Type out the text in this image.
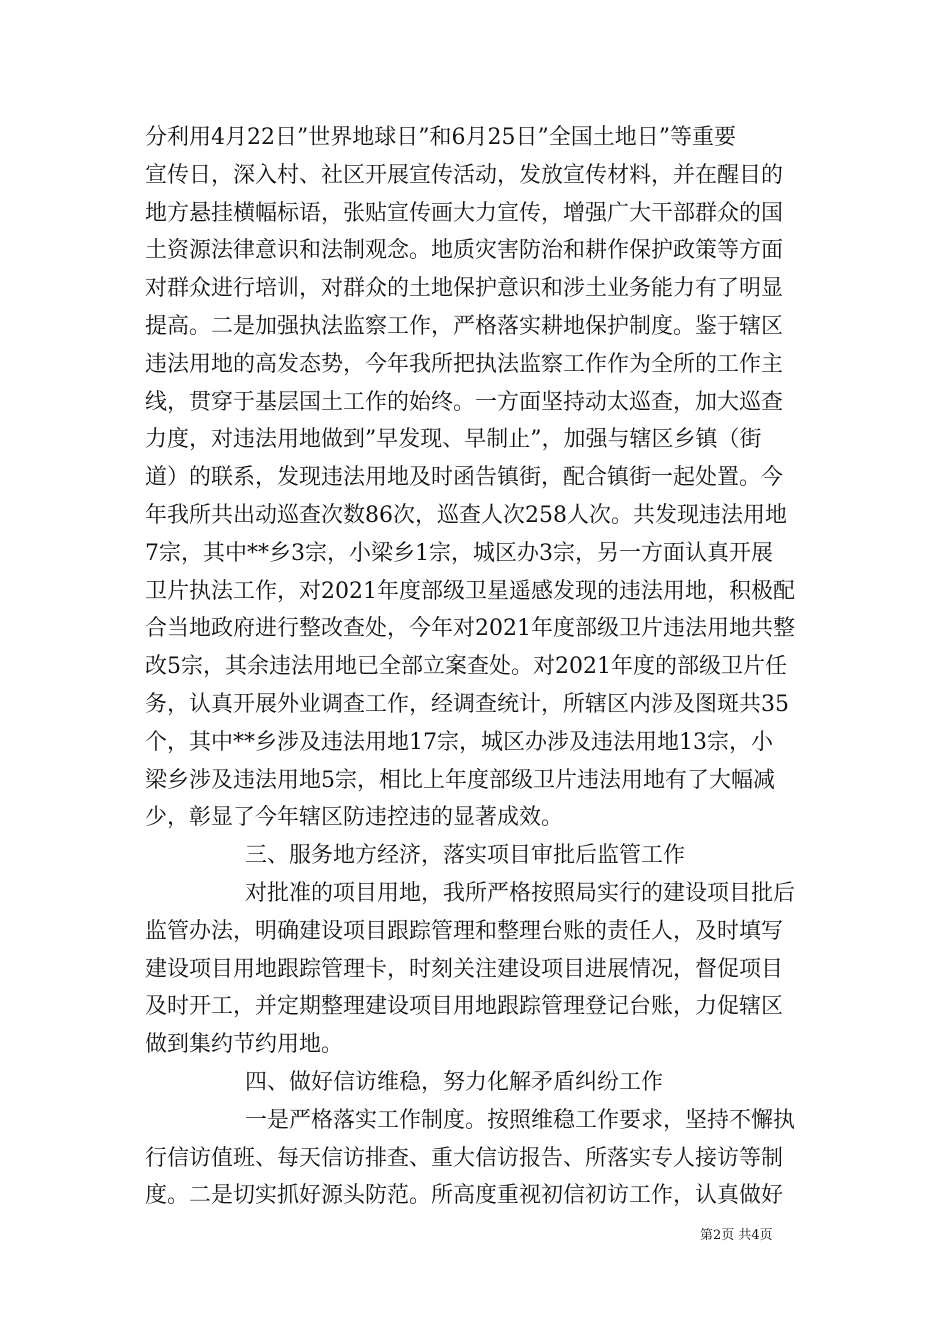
分利用4月22日”世界地球日”和6月25日”全国土地日”等重要
宣传日，深入村、社区开展宣传活动，发放宣传材料，并在醒目的
地方悬挂横幅标语，张贴宣传画大力宣传，增强广大干部群众的国
土资源法律意识和法制观念。地质灾害防治和耕作保护政策等方面
对群众进行培训，对群众的土地保护意识和涉土业务能力有了明显
提高。二是加强执法监察工作，严格落实耕地保护制度。鉴于辖区
违法用地的高发态势，今年我所把执法监察工作作为全所的工作主
线，贯穿于基层国土工作的始终。一方面坚持动太巡查，加大巡查
力度，对违法用地做到”早发现、早制止”，加强与辖区乡镇（街
道）的联系，发现违法用地及时函告镇街，配合镇街一起处置。今
年我所共出动巡查次数86次，巡查人次258人次。共发现违法用地
7宗，其中**乡3宗，小梁乡1宗，城区办3宗，另一方面认真开展
卫片执法工作，对2021年度部级卫星遥感发现的违法用地，积极配
合当地政府进行整改查处，今年对2021年度部级卫片违法用地共整
改5宗，其余违法用地已全部立案查处。对2021年度的部级卫片任
务，认真开展外业调查工作，经调查统计，所辖区内涉及图斑共35
个，其中**乡涉及违法用地17宗，城区办涉及违法用地13宗，小
梁乡涉及违法用地5宗，相比上年度部级卫片违法用地有了大幅减
少，彰显了今年辖区防违控违的显著成效。
三、服务地方经济，落实项目审批后监管工作
对批准的项目用地，我所严格按照局实行的建设项目批后
监管办法，明确建设项目跟踪管理和整理台账的责任人，及时填写
建设项目用地跟踪管理卡，时刻关注建设项目进展情况，督促项目
及时开工，并定期整理建设项目用地跟踪管理登记台账，力促辖区
做到集约节约用地。
四、做好信访维稳，努力化解矛盾纠纷工作
一是严格落实工作制度。按照维稳工作要求，坚持不懈执
行信访值班、每天信访排查、重大信访报告、所落实专人接访等制
度。二是切实抓好源头防范。所高度重视初信初访工作，认真做好
第2页 共4页
